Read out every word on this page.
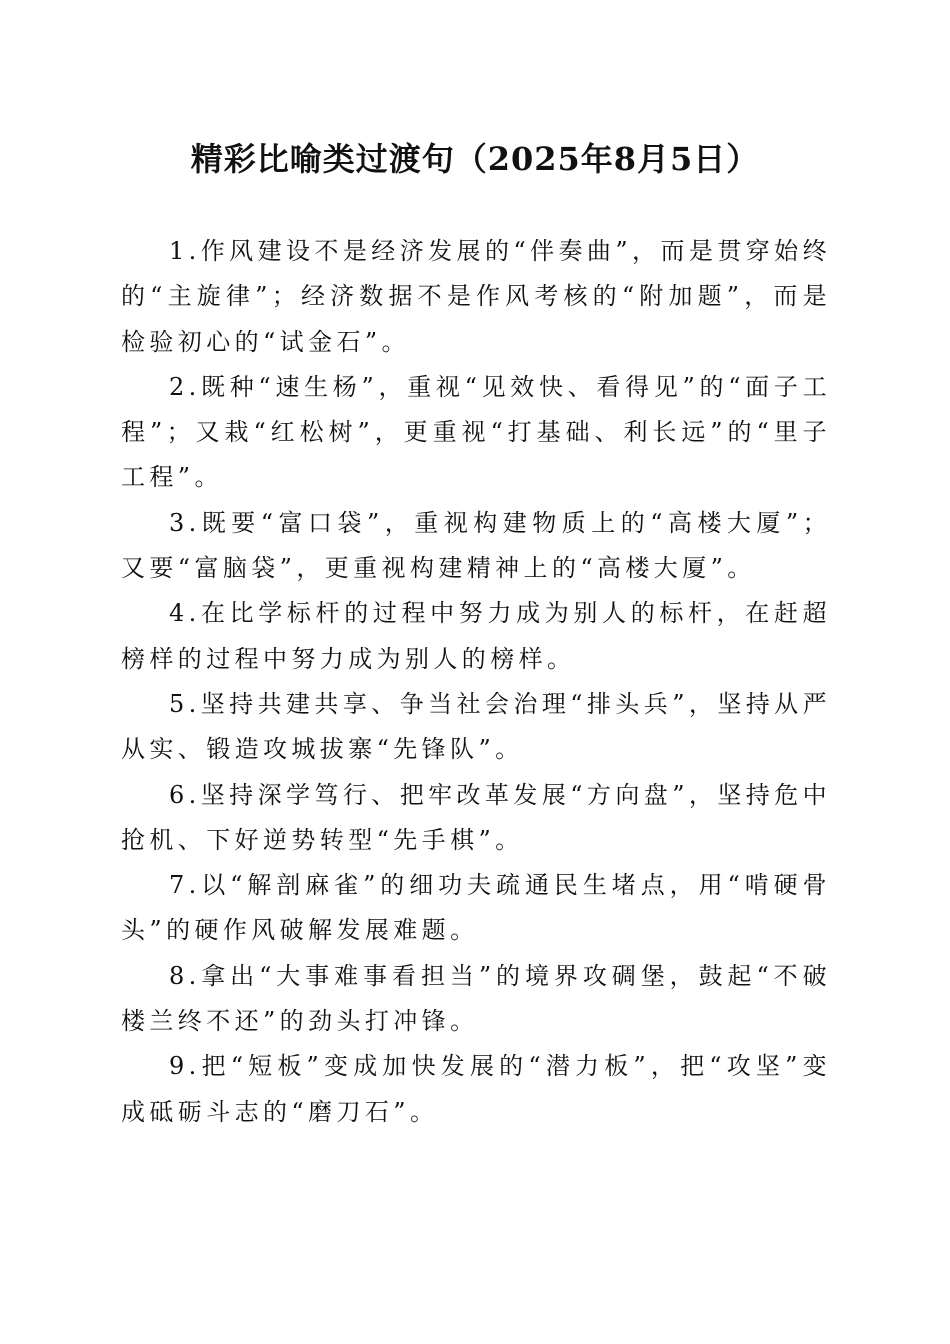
精彩比喻类过渡句（2025年8月5日）

1.作风建设不是经济发展的“伴奏曲”，而是贯穿始终的“主旋律”；经济数据不是作风考核的“附加题”，而是检验初心的“试金石”。

2.既种“速生杨”，重视“见效快、看得见”的“面子工程”；又栽“红松树”，更重视“打基础、利长远”的“里子工程”。

3.既要“富口袋”，重视构建物质上的“高楼大厦”；又要“富脑袋”，更重视构建精神上的“高楼大厦”。

4.在比学标杆的过程中努力成为别人的标杆，在赶超榜样的过程中努力成为别人的榜样。

5.坚持共建共享、争当社会治理“排头兵”，坚持从严从实、锻造攻城拔寨“先锋队”。

6.坚持深学笃行、把牢改革发展“方向盘”，坚持危中抢机、下好逆势转型“先手棋”。

7.以“解剖麻雀”的细功夫疏通民生堵点，用“啃硬骨头”的硬作风破解发展难题。

8.拿出“大事难事看担当”的境界攻碉堡，鼓起“不破楼兰终不还”的劲头打冲锋。

9.把“短板”变成加快发展的“潜力板”，把“攻坚”变成砥砺斗志的“磨刀石”。
